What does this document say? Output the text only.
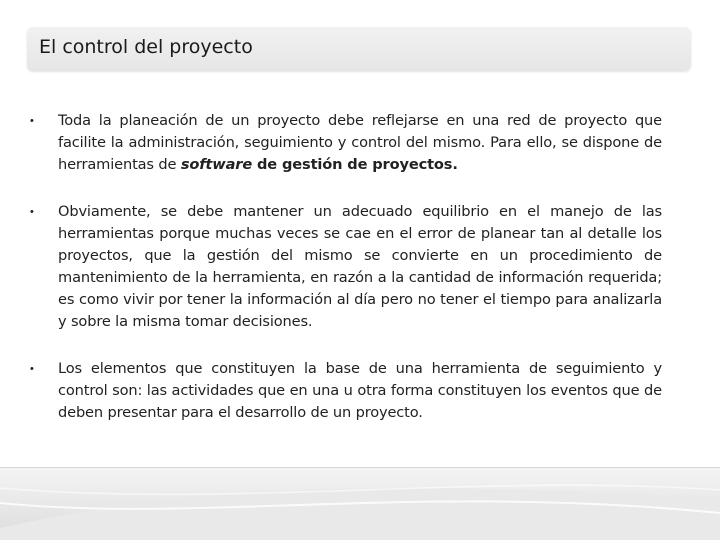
El control del proyecto
• Toda la planeación de un proyecto debe reflejarse en una red de proyecto que facilite la administración, seguimiento y control del mismo. Para ello, se dispone de herramientas de software de gestión de proyectos.

• Obviamente, se debe mantener un adecuado equilibrio en el manejo de las herramientas porque muchas veces se cae en el error de planear tan al detalle los proyectos, que la gestión del mismo se convierte en un procedimiento de mantenimiento de la herramienta, en razón a la cantidad de información requerida; es como vivir por tener la información al día pero no tener el tiempo para analizarla y sobre la misma tomar decisiones.

• Los elementos que constituyen la base de una herramienta de seguimiento y control son: las actividades que en una u otra forma constituyen los eventos que de deben presentar para el desarrollo de un proyecto.
